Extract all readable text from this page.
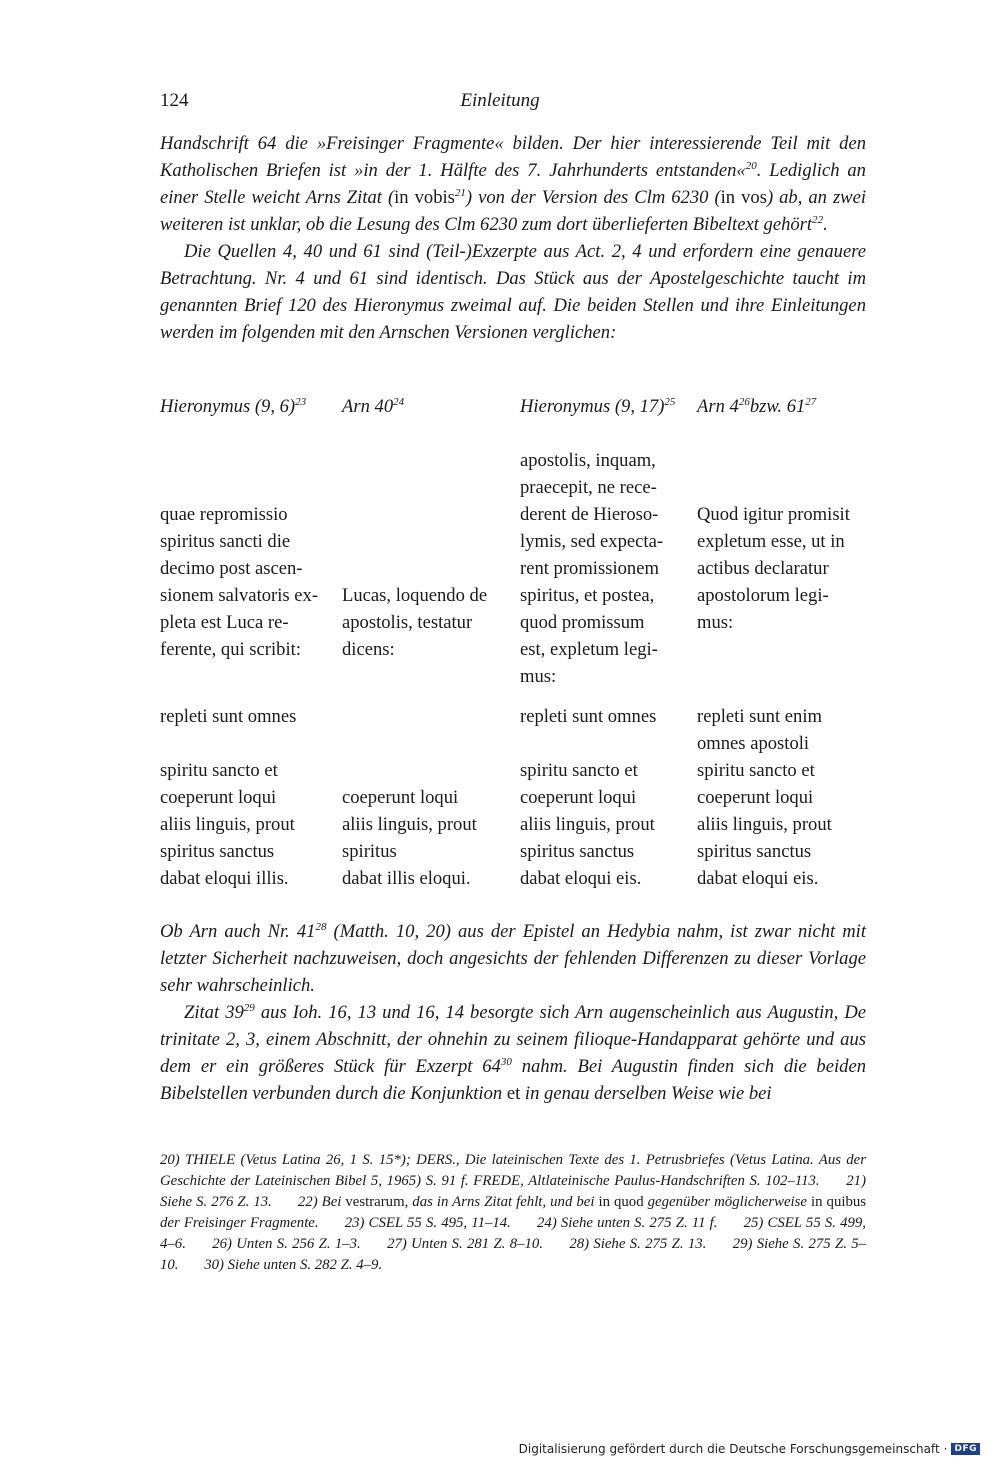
124	Einleitung

Handschrift 64 die »Freisinger Fragmente« bilden. Der hier interessierende Teil mit den Katholischen Briefen ist »in der 1. Hälfte des 7. Jahrhunderts entstanden«$^{20}$. Lediglich an einer Stelle weicht Arns Zitat (in vobis$^{21}$) von der Version des Clm 6230 (in vos) ab, an zwei weiteren ist unklar, ob die Lesung des Clm 6230 zum dort überlieferten Bibeltext gehört$^{22}$.

Die Quellen 4, 40 und 61 sind (Teil-)Exzerpte aus Act. 2, 4 und erfordern eine genauere Betrachtung. Nr. 4 und 61 sind identisch. Das Stück aus der Apostelgeschichte taucht im genannten Brief 120 des Hieronymus zweimal auf. Die beiden Stellen und ihre Einleitungen werden im folgenden mit den Arnschen Versionen verglichen:

Hieronymus (9, 6)$^{23}$ Arn $40^{24}$	Hieronymus (9, 17)$^{25}$ Arn $4^{26}bzw$. $61^{27}$
quae repromissio
spiritus sancti die
decimo post ascen-
sionem salvatoris ex-
pleta est Luca re-
ferente, qui scribit:
repleti sunt omnes
spiritu sancto et
coeperunt loqui
aliis linguis, prout
spiritus sanctus
dabat eloqui illis.
Lucas, loquendo de
apostolis, testatur
dicens:
coeperunt loqui
aliis linguis, prout
spiritus
dabat illis eloqui.
apostolis, inquam,
praecepit, ne rece-
derent de Hieroso-
lymis, sed expecta-
rent promissionem
spiritus, et postea,
quod promissum
est, expletum legi-
mus:
repleti sunt omnes
spiritu sancto et
coeperunt loqui
aliis linguis, prout
spiritus sanctus
dabat eloqui eis.
Quod igitur promisit
expletum esse, ut in
actibus declaratur
apostolorum legi-
mus:
repleti sunt enim
omnes apostoli
spiritu sancto et
coeperunt loqui
aliis linguis, prout
spiritus sanctus
dabat eloqui eis.

Ob Arn auch Nr. $41^{28}$ (Matth. 10, 20) aus der Epistel an Hedybia nahm, ist zwar nicht mit letzter Sicherheit nachzuweisen, doch angesichts der fehlenden Differenzen zu dieser Vorlage sehr wahrscheinlich.

Zitat $39^{29}$ aus Ioh. 16, 13 und 16, 14 besorgte sich Arn augenscheinlich aus Augustin, De trinitate 2, 3, einem Abschnitt, der ohnehin zu seinem filioque-Handapparat gehörte und aus dem er ein größeres Stück für Exzerpt $64^{30}$ nahm. Bei Augustin finden sich die beiden Bibelstellen verbunden durch die Konjunktion et in genau derselben Weise wie bei

20) THIELE (Vetus Latina 26, 1 S. 15*); DERS., Die lateinischen Texte des 1. Petrusbriefes (Vetus Latina. Aus der Geschichte der Lateinischen Bibel 5, 1965) S. 91 f. FREDE, Altlateinische Paulus-Handschriften S. 102–113. 21) Siehe S. 276 Z. 13. 22) Bei vestrarum, das in Arns Zitat fehlt, und bei in quod gegenüber möglicherweise in quibus der Freisinger Fragmente. 23) CSEL 55 S. 495, 11–14. 24) Siehe unten S. 275 Z. 11 f. 25) CSEL 55 S. 499, 4–6. 26) Unten S. 256 Z. 1–3. 27) Unten S. 281 Z. 8–10. 28) Siehe S. 275 Z. 13. 29) Siehe S. 275 Z. 5–10. 30) Siehe unten S. 282 Z. 4–9.

Digitalisierung gefördert durch die Deutsche Forschungsgemeinschaft · DFG
